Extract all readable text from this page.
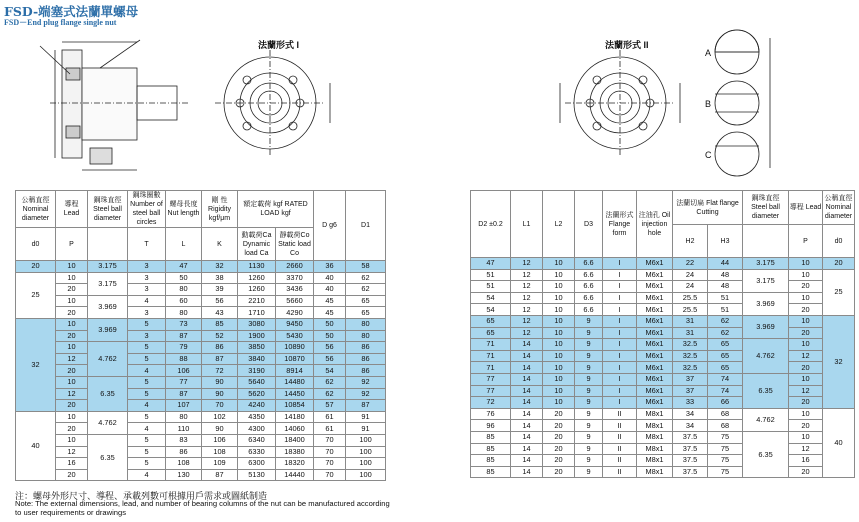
FSD-端塞式法蘭單螺母
FSD－End plug flange single nut
法蘭形式 I	法蘭形式 II
A
B
C
公稱直徑 Nominal diameter	導程 Lead	鋼珠直徑 Steel ball diameter	鋼珠圈數 Number of steel ball circles	螺母長度 Nut length	剛 性 Rigidity kgf/μm	額定載荷 kgf RATED LOAD kgf		D g6	D1
			T	L	K	動載荷Ca Dynamic load Ca	靜載荷Co Static load Co		
d0	P								
20	10	3.175	3	47	32	1130	2660	36	58
25	10	3.175	3	50	38	1260	3370	40	62
	20		3	80	39	1260	3436	40	62
	10	3.969	4	60	56	2210	5660	45	65
	20		3	80	43	1710	4290	45	65
32	10	3.969	5	73	85	3080	9450	50	80
	20		3	87	52	1900	5430	50	80
	10	4.762	5	79	86	3850	10890	56	86
	12		5	88	87	3840	10870	56	86
	20		4	106	72	3190	8914	54	86
	10	6.35	5	77	90	5640	14480	62	92
	12		5	87	90	5620	14450	62	92
	20		4	107	70	4240	10854	57	87
40	10	4.762	5	80	102	4350	14180	61	91
	20		4	110	90	4300	14060	61	91
	10	6.35	5	83	106	6340	18400	70	100
	12		5	86	108	6330	18380	70	100
	16		5	108	109	6300	18320	70	100
	20		4	130	87	5130	14440	70	100
D2 ±0.2	L1	L2	D3	法蘭形式 Flange form	注油孔 Oil injection hole	法蘭切扁 Flat flange Cutting		鋼珠直徑 Steel ball diameter	導程 Lead	公稱直徑 Nominal diameter
						H2	H3			
									P	d0
47	12	10	6.6	I	M6x1	22	44	3.175	10	20
51	12	10	6.6	I	M6x1	24	48	3.175	10	25
51	12	10	6.6	I	M6x1	24	48		20	
54	12	10	6.6	I	M6x1	25.5	51	3.969	10	
54	12	10	6.6	I	M6x1	25.5	51		20	
65	12	10	9	I	M6x1	31	62	3.969	10	32
65	12	10	9	I	M6x1	31	62		20	
71	14	10	9	I	M6x1	32.5	65	4.762	10	
71	14	10	9	I	M6x1	32.5	65		12	
71	14	10	9	I	M6x1	32.5	65		20	
77	14	10	9	I	M6x1	37	74	6.35	10	
77	14	10	9	I	M6x1	37	74		12	
72	14	10	9	I	M6x1	33	66		20	
76	14	20	9	II	M8x1	34	68	4.762	10	40
96	14	20	9	II	M8x1	34	68		20	
85	14	20	9	II	M8x1	37.5	75	6.35	10	
85	14	20	9	II	M8x1	37.5	75		12	
85	14	20	9	II	M8x1	37.5	75		16	
85	14	20	9	II	M8x1	37.5	75		20	
注：螺母外形尺寸、導程、承載列數可根據用戶需求或圖紙制造
Note: The external dimensions, lead, and number of bearing columns of the nut can be manufactured according
to user requirements or drawings
